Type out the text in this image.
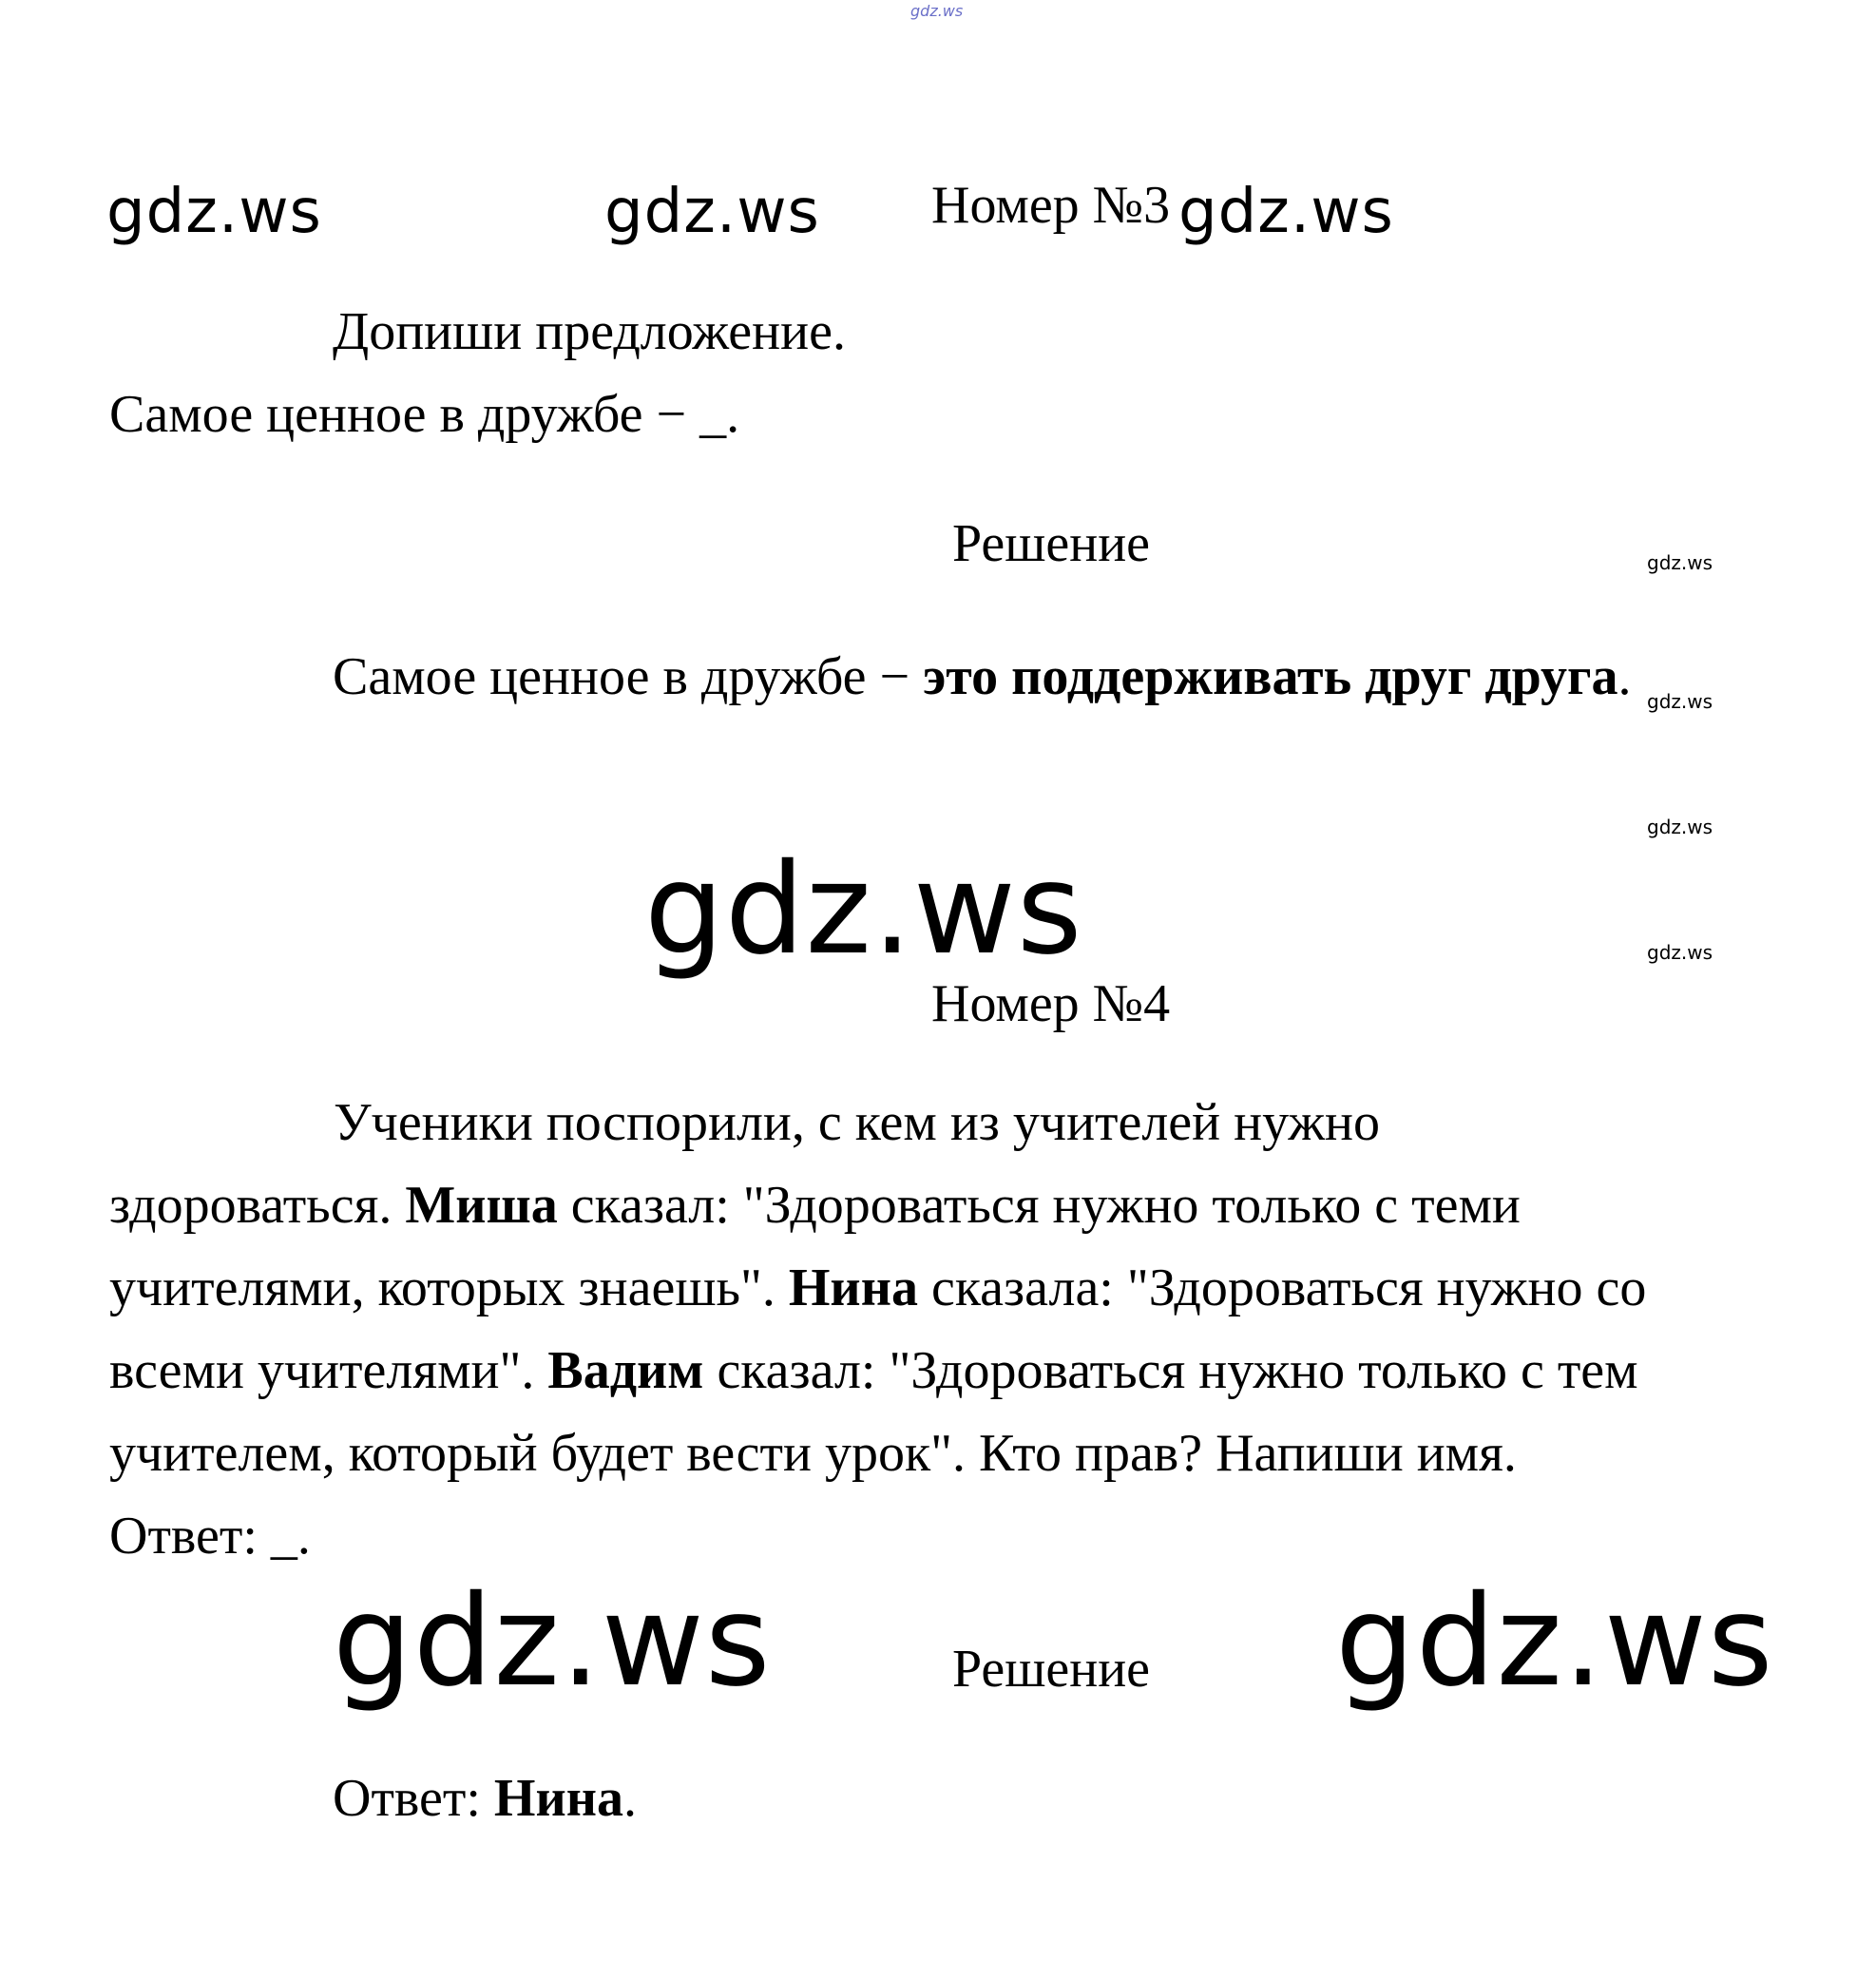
gdz.ws
gdz.ws	gdz.ws Номер №3 gdz.ws
Допиши предложение.
Самое ценное в дружбе − _.
Решение	gdz.ws
Самое ценное в дружбе − это поддерживать друг друга. gdz.ws
gdz.ws
gdz.ws
gdz.ws
Номер №4
Ученики поспорили, с кем из учителей нужно
здороваться. Миша сказал: "Здороваться нужно только с теми
учителями, которых знаешь". Нина сказала: "Здороваться нужно со
всеми учителями". Вадим сказал: "Здороваться нужно только с тем
учителем, который будет вести урок". Кто прав? Напиши имя.
Ответ: _.
gdz.ws	Решение gdz.ws
Ответ: Нина.
